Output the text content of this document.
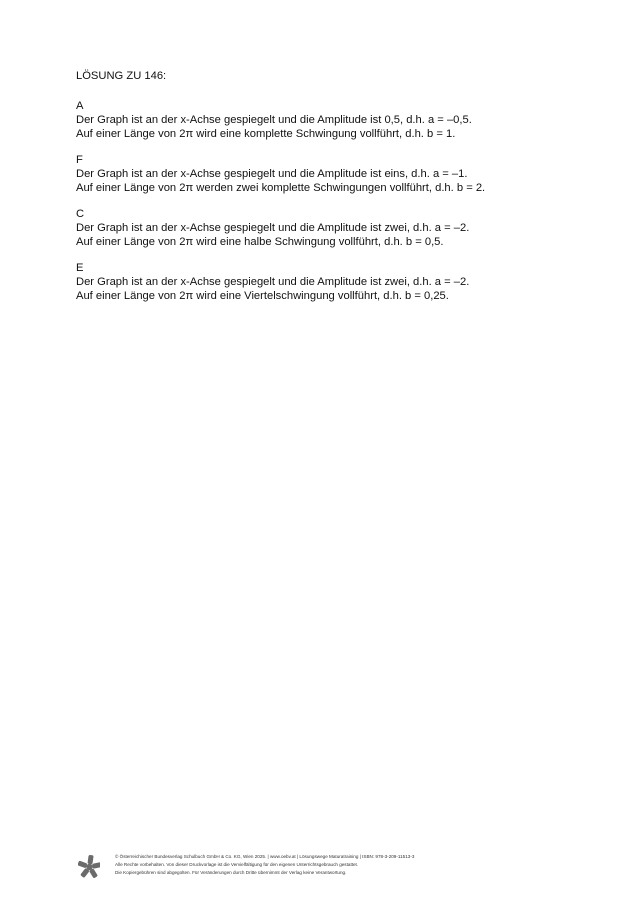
LÖSUNG ZU 146:
A
Der Graph ist an der x-Achse gespiegelt und die Amplitude ist 0,5, d.h. a = –0,5.
Auf einer Länge von 2π wird eine komplette Schwingung vollführt, d.h. b = 1.
F
Der Graph ist an der x-Achse gespiegelt und die Amplitude ist eins, d.h. a = –1.
Auf einer Länge von 2π werden zwei komplette Schwingungen vollführt, d.h. b = 2.
C
Der Graph ist an der x-Achse gespiegelt und die Amplitude ist zwei, d.h. a = –2.
Auf einer Länge von 2π wird eine halbe Schwingung vollführt, d.h. b = 0,5.
E
Der Graph ist an der x-Achse gespiegelt und die Amplitude ist zwei, d.h. a = –2.
Auf einer Länge von 2π wird eine Viertelschwingung vollführt, d.h. b = 0,25.
© Österreichischer Bundesverlag Schulbuch GmbH & Co. KG, Wien 2025. | www.oebv.at | Lösungswege Maturatraining | ISBN: 978-3-209-11513-3
Alle Rechte vorbehalten. Von dieser Druckvorlage ist die Vervielfältigung für den eigenen Unterrichtsgebrauch gestattet.
Die Kopiergebühren sind abgegolten. Für Veränderungen durch Dritte übernimmt der Verlag keine Verantwortung.
